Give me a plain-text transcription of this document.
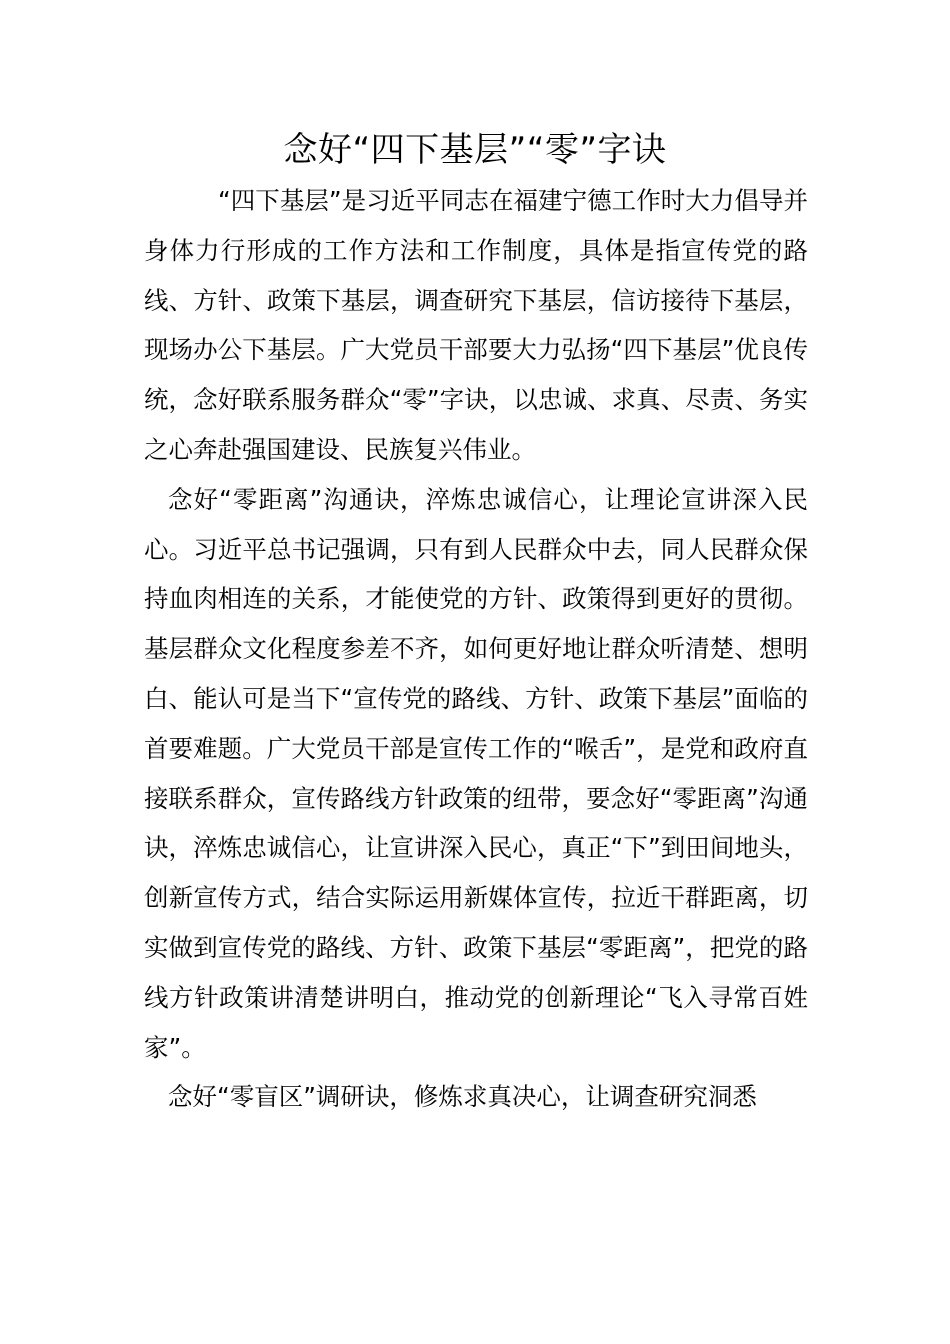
念好“四下基层”“零”字诀

“四下基层”是习近平同志在福建宁德工作时大力倡导并身体力行形成的工作方法和工作制度，具体是指宣传党的路线、方针、政策下基层，调查研究下基层，信访接待下基层，现场办公下基层。广大党员干部要大力弘扬“四下基层”优良传统，念好联系服务群众“零”字诀，以忠诚、求真、尽责、务实之心奔赴强国建设、民族复兴伟业。

念好“零距离”沟通诀，淬炼忠诚信心，让理论宣讲深入民心。习近平总书记强调，只有到人民群众中去，同人民群众保持血肉相连的关系，才能使党的方针、政策得到更好的贯彻。基层群众文化程度参差不齐，如何更好地让群众听清楚、想明白、能认可是当下“宣传党的路线、方针、政策下基层”面临的首要难题。广大党员干部是宣传工作的“喉舌”，是党和政府直接联系群众，宣传路线方针政策的纽带，要念好“零距离”沟通诀，淬炼忠诚信心，让宣讲深入民心，真正“下”到田间地头，创新宣传方式，结合实际运用新媒体宣传，拉近干群距离，切实做到宣传党的路线、方针、政策下基层“零距离”，把党的路线方针政策讲清楚讲明白，推动党的创新理论“飞入寻常百姓家”。

念好“零盲区”调研诀，修炼求真决心，让调查研究洞悉
